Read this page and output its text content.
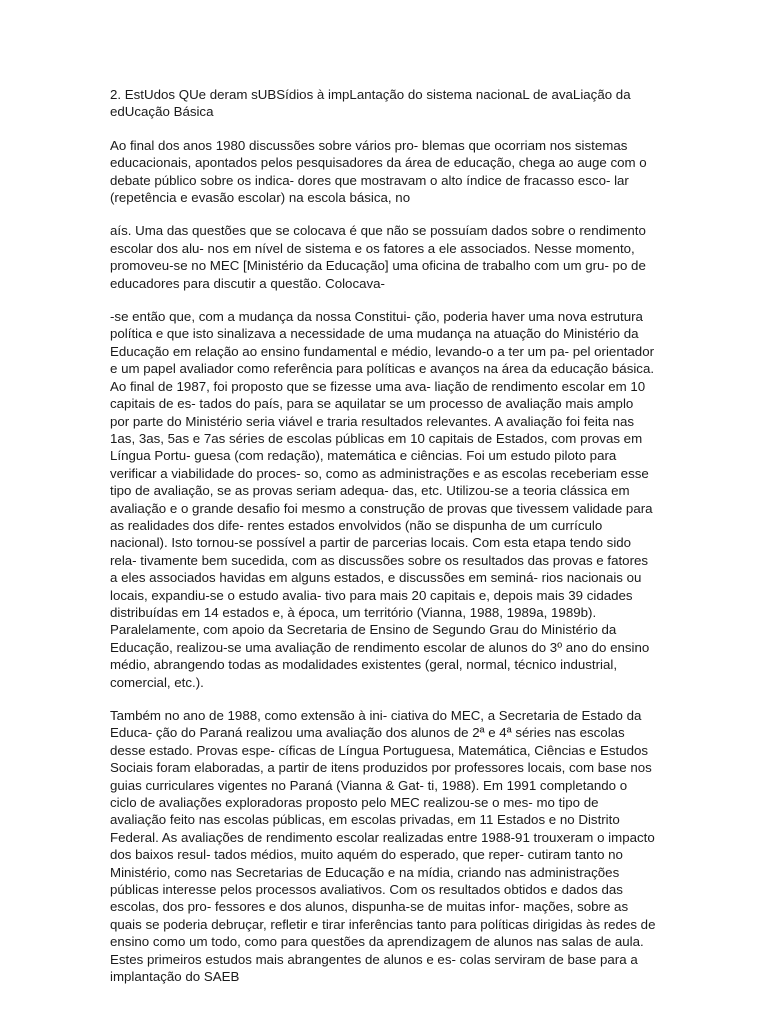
2. EstUdos QUe deram sUBSídios à impLantação do sistema nacionaL de avaLiação da edUcação Básica

Ao final dos anos 1980 discussões sobre vários pro- blemas que ocorriam nos sistemas educacionais, apontados pelos pesquisadores da área de educação, chega ao auge com o debate público sobre os indica- dores que mostravam o alto índice de fracasso esco- lar (repetência e evasão escolar) na escola básica, no

aís. Uma das questões que se colocava é que não se possuíam dados sobre o rendimento escolar dos alu- nos em nível de sistema e os fatores a ele associados. Nesse momento, promoveu-se no MEC [Ministério da Educação] uma oficina de trabalho com um gru- po de educadores para discutir a questão. Colocava-

-se então que, com a mudança da nossa Constitui- ção, poderia haver uma nova estrutura política e que isto sinalizava a necessidade de uma mudança na atuação do Ministério da Educação em relação ao ensino fundamental e médio, levando-o a ter um pa- pel orientador e um papel avaliador como referência para políticas e avanços na área da educação básica. Ao final de 1987, foi proposto que se fizesse uma ava- liação de rendimento escolar em 10 capitais de es- tados do país, para se aquilatar se um processo de avaliação mais amplo por parte do Ministério seria viável e traria resultados relevantes. A avaliação foi feita nas 1as, 3as, 5as e 7as séries de escolas públicas em 10 capitais de Estados, com provas em Língua Portu- guesa (com redação), matemática e ciências. Foi um estudo piloto para verificar a viabilidade do proces- so, como as administrações e as escolas receberiam esse tipo de avaliação, se as provas seriam adequa- das, etc. Utilizou-se a teoria clássica em avaliação e o grande desafio foi mesmo a construção de provas que tivessem validade para as realidades dos dife- rentes estados envolvidos (não se dispunha de um currículo nacional). Isto tornou-se possível a partir de parcerias locais. Com esta etapa tendo sido rela- tivamente bem sucedida, com as discussões sobre os resultados das provas e fatores a eles associados havidas em alguns estados, e discussões em seminá- rios nacionais ou locais, expandiu-se o estudo avalia- tivo para mais 20 capitais e, depois mais 39 cidades distribuídas em 14 estados e, à época, um território (Vianna, 1988, 1989a, 1989b). Paralelamente, com apoio da Secretaria de Ensino de Segundo Grau do Ministério da Educação, realizou-se uma avaliação de rendimento escolar de alunos do 3º ano do ensino médio, abrangendo todas as modalidades existentes (geral, normal, técnico industrial, comercial, etc.).

Também no ano de 1988, como extensão à ini- ciativa do MEC, a Secretaria de Estado da Educa- ção do Paraná realizou uma avaliação dos alunos de 2ª e 4ª séries nas escolas desse estado. Provas espe- cíficas de Língua Portuguesa, Matemática, Ciências e Estudos Sociais foram elaboradas, a partir de itens produzidos por professores locais, com base nos guias curriculares vigentes no Paraná (Vianna & Gat- ti, 1988). Em 1991 completando o ciclo de avaliações exploradoras proposto pelo MEC realizou-se o mes- mo tipo de avaliação feito nas escolas públicas, em escolas privadas, em 11 Estados e no Distrito Federal. As avaliações de rendimento escolar realizadas entre 1988-91 trouxeram o impacto dos baixos resul- tados médios, muito aquém do esperado, que reper- cutiram tanto no Ministério, como nas Secretarias de Educação e na mídia, criando nas administrações públicas interesse pelos processos avaliativos. Com os resultados obtidos e dados das escolas, dos pro- fessores e dos alunos, dispunha-se de muitas infor- mações, sobre as quais se poderia debruçar, refletir e tirar inferências tanto para políticas dirigidas às redes de ensino como um todo, como para questões da aprendizagem de alunos nas salas de aula. Estes primeiros estudos mais abrangentes de alunos e es- colas serviram de base para a implantação do SAEB
